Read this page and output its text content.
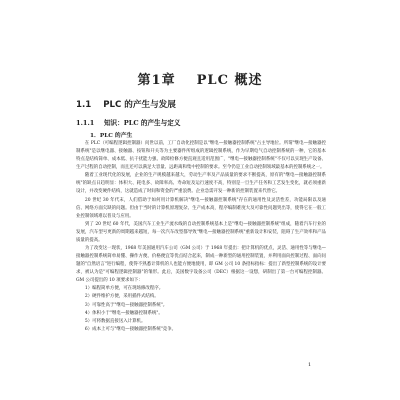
第1章 PLC 概述
1.1 PLC 的产生与发展
1.1.1 知识：PLC 的产生与定义
1．PLC 的产生

在 PLC（可编程逻辑控制器）问世以前，工厂自动化控制是以"继电—接触器控制系统"占主导地位。所谓"继电—接触器控制系统"是以继电器、接触器、按钮和开关等为主要器件所组成的逻辑控制系统，作为早期电气自动控制系统的一种，它的基本特点是结构简单、成本低、抗干扰能力强、故障检修方便直观且适用范围广，"继电—接触器控制系统"不仅可以实现生产设备、生产过程的自动控制，而且还可以满足大容量、远距离和集中控制的要求。至今仍是工业自动控制领域最基本的控制系统之一。

随着工业现代化的发展，企业的生产规模越来越大，劳动生产率及产品质量的要求不断提高，原有的"继电—接触器控制系统"的缺点日趋明显：体积大、耗电多、故障率高、寿命短及运行速度不高，特别是一旦生产任务和工艺发生变化，就必须重新设计，并改变硬件结构，这就造成了时间和资金的严重浪费。企业急需开发一种新的控制装置来代替它。

20 世纪 30 年代末，人们借助于如何用计算机解决"继电—接触器控制系统"存在的通用性及灵活性差，功能局限以及通信、网络方面欠缺的问题。但由于当时的计算机原理复杂、生产成本高，程序编制难度大及可靠性问题突出等，使得它在一般工业控制领域难以普及与应用。

到了 20 世纪 60 年代，美国汽车工业生产流水线的自动控制系统基本上是"继电—接触器控制系统"组成，随着汽车行业的发展，汽车型号更新的周期越来越短，每一次汽车改型都导致"继电—接触器控制系统"重新设计和安装，阻碍了生产效率和产品质量的提高。

为了改变这一现状，1968 年美国通用汽车公司（GM 公司）于 1968 年提出：把计算机的优点，灵活、通用性等与继电—接触器控制系统简单易懂、操作方便、价格便宜等优点结合起来，制成一种新型的通用控制装置，并利用面向控制过程、面向问题的"自然语言"进行编程，使得不熟悉计算机的人也能方便地使用，即 GM 公司 10 条招标指标：提出了新型控制系统的设计要求，被认为是"可编程逻辑控制器"的雏形。此后，美国数字设备公司（DEC）根据这一设想，研制出了第一台可编程控制器。GM 公司提出的 10 项要求如下：

1）编程简单方便，可在现场修改程序。
2）硬件维护方便，采用插件式结构。
3）可靠性高于"继电—接触器控制系统"。
4）体积小于"继电—接触器控制系统"。
5）可将数据直接送入计算机。
6）成本上可与"继电—接触器控制系统"竞争。
1
